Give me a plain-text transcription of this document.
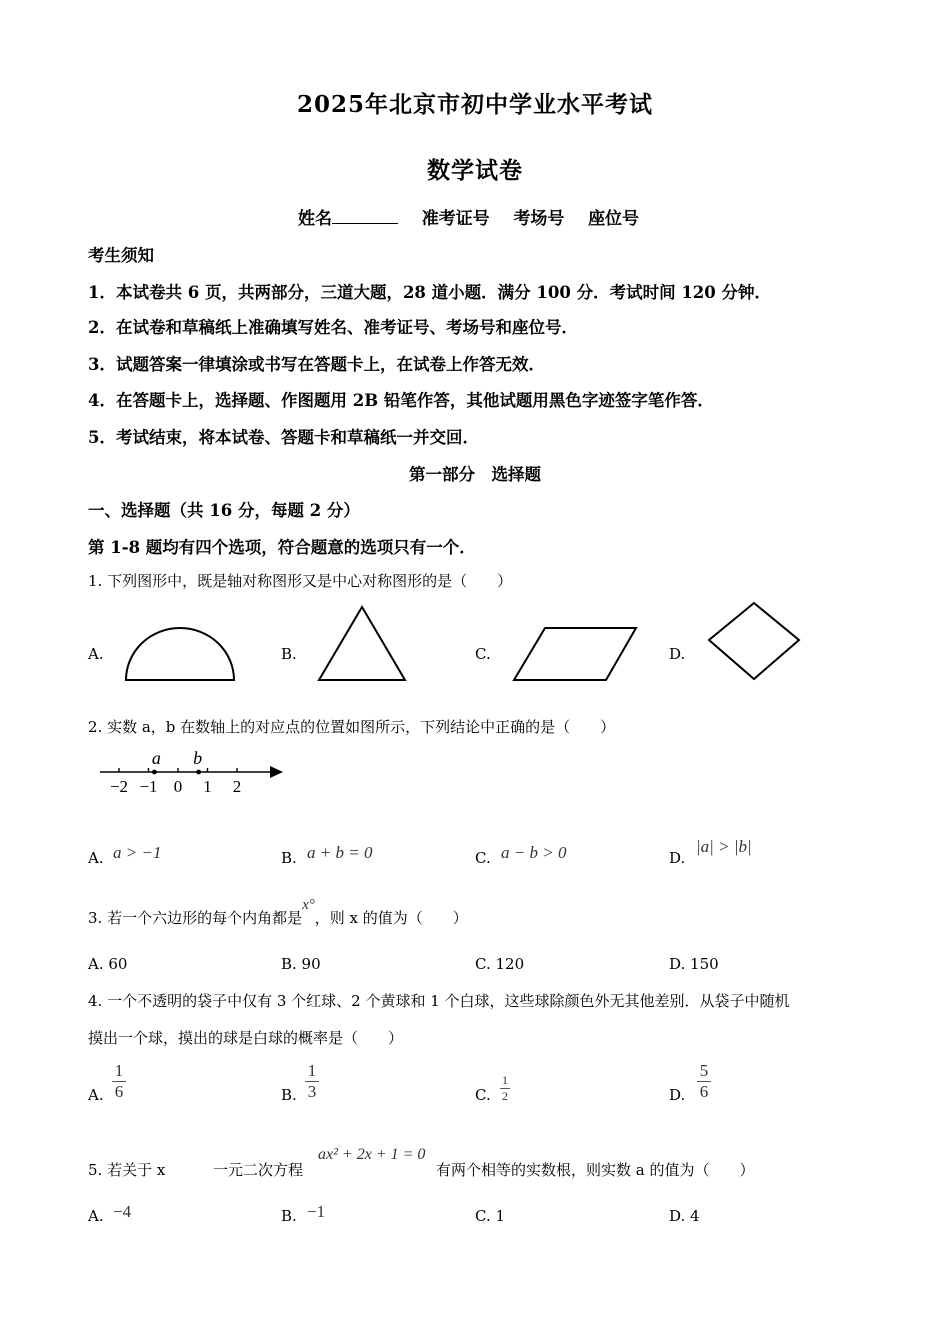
2025年北京市初中学业水平考试
数学试卷
姓名	准考证号 考场号 座位号
考生须知
1．本试卷共 6 页，共两部分，三道大题，28 道小题．满分 100 分．考试时间 120 分钟．
2．在试卷和草稿纸上准确填写姓名、准考证号、考场号和座位号．
3．试题答案一律填涂或书写在答题卡上，在试卷上作答无效．
4．在答题卡上，选择题、作图题用 2B 铅笔作答，其他试题用黑色字迹签字笔作答．
5．考试结束，将本试卷、答题卡和草稿纸一并交回．
第一部分　选择题
一、选择题（共 16 分，每题 2 分）
第 1-8 题均有四个选项，符合题意的选项只有一个．
1. 下列图形中，既是轴对称图形又是中心对称图形的是（　　）
A.	B.	C.	D.
2. 实数 a，b 在数轴上的对应点的位置如图所示，下列结论中正确的是（　　）
−2 −1 0 1 2
a b
A. a > −1	B. a + b = 0	C. a − b > 0	D.
|a| > |b|
3. 若一个六边形的每个内角都是x°，则 x 的值为（　　）
A. 60	B. 90	C. 120	D. 150
4. 一个不透明的袋子中仅有 3 个红球、2 个黄球和 1 个白球，这些球除颜色外无其他差别．从袋子中随机
摸出一个球，摸出的球是白球的概率是（　　）
A.
1
6	B.
1
3	C.
1
2	D.
5
6
5. 若关于 x	一元二次方程
ax² + 2x + 1 = 0
有两个相等的实数根，则实数 a 的值为（　　）
A. −4	B. −1	C. 1	D. 4
